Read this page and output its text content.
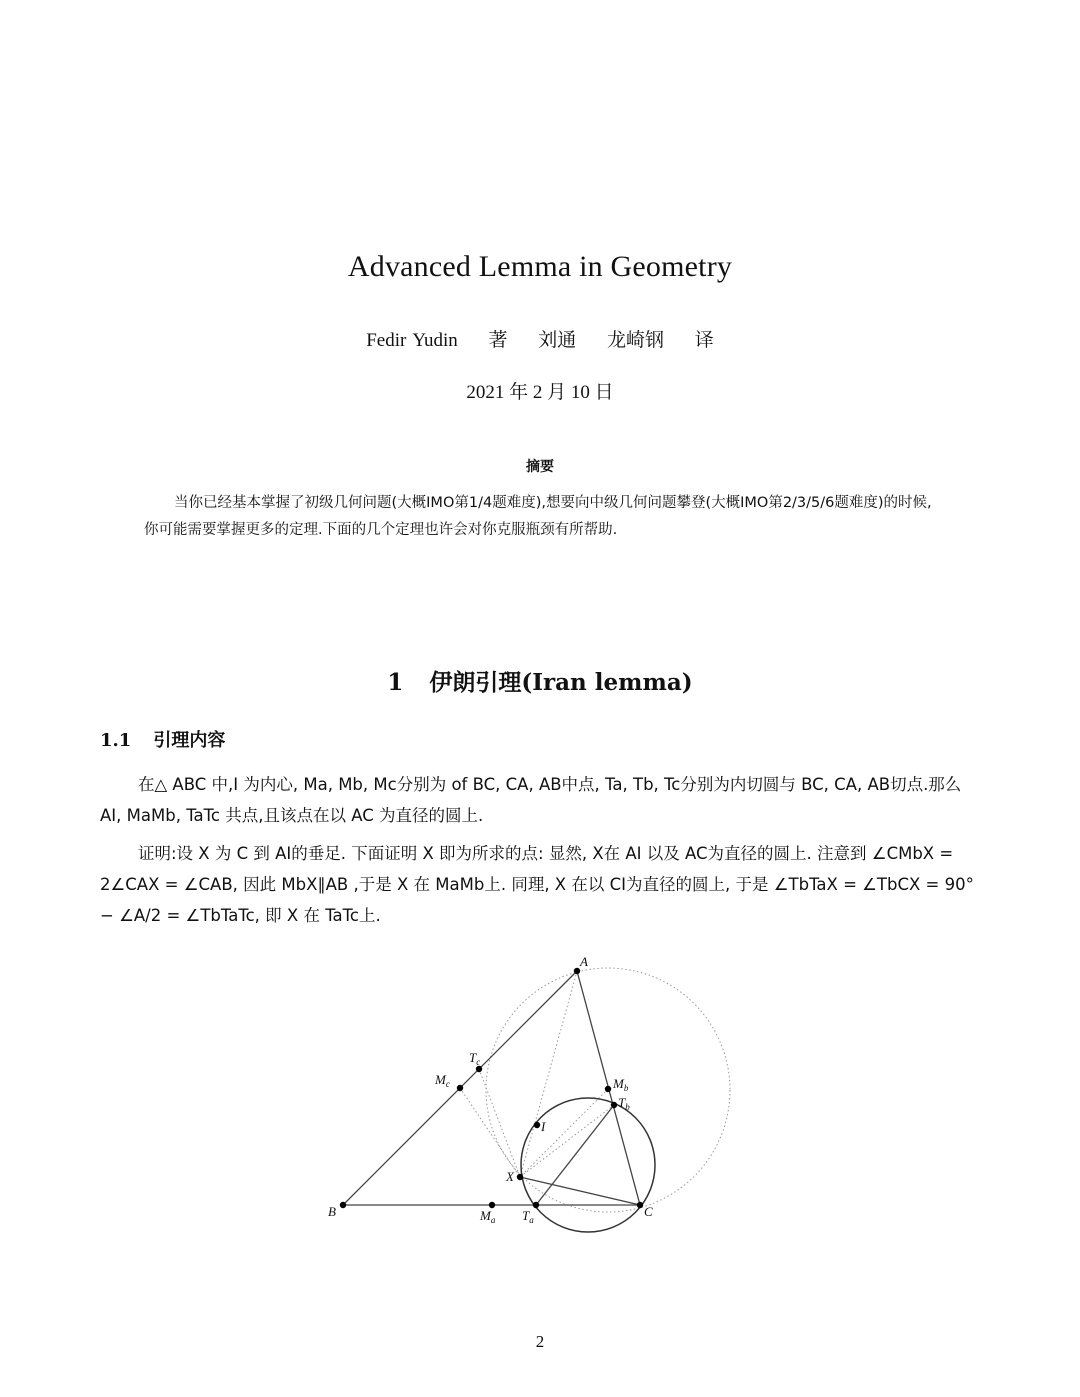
Advanced Lemma in Geometry
Fedir Yudin 著 刘通 龙崎钢 译
2021 年 2 月 10 日
摘要
当你已经基本掌握了初级几何问题(大概IMO第1/4题难度),想要向中级几何问题攀登(大概IMO第2/3/5/6题难度)的时候,你可能需要掌握更多的定理.下面的几个定理也许会对你克服瓶颈有所帮助.
1 伊朗引理(Iran lemma)
1.1 引理内容
在△ ABC 中,I 为内心, Ma, Mb, Mc分别为 of BC, CA, AB中点, Ta, Tb, Tc分别为内切圆与 BC, CA, AB切点.那么 AI, MaMb, TaTc 共点,且该点在以 AC 为直径的圆上.
证明:设 X 为 C 到 AI的垂足. 下面证明 X 即为所求的点: 显然, X在 AI 以及 AC为直径的圆上. 注意到 ∠CMbX = 2∠CAX = ∠CAB, 因此 MbX∥AB ,于是 X 在 MaMb上. 同理, X 在以 CI为直径的圆上, 于是 ∠TbTaX = ∠TbCX = 90° − ∠A/2 = ∠TbTaTc, 即 X 在 TaTc上.
A
B	C
I
X
$M_a$
$M_b$
$M_c$
$T_a$
$T_b$
$T_c$
2
